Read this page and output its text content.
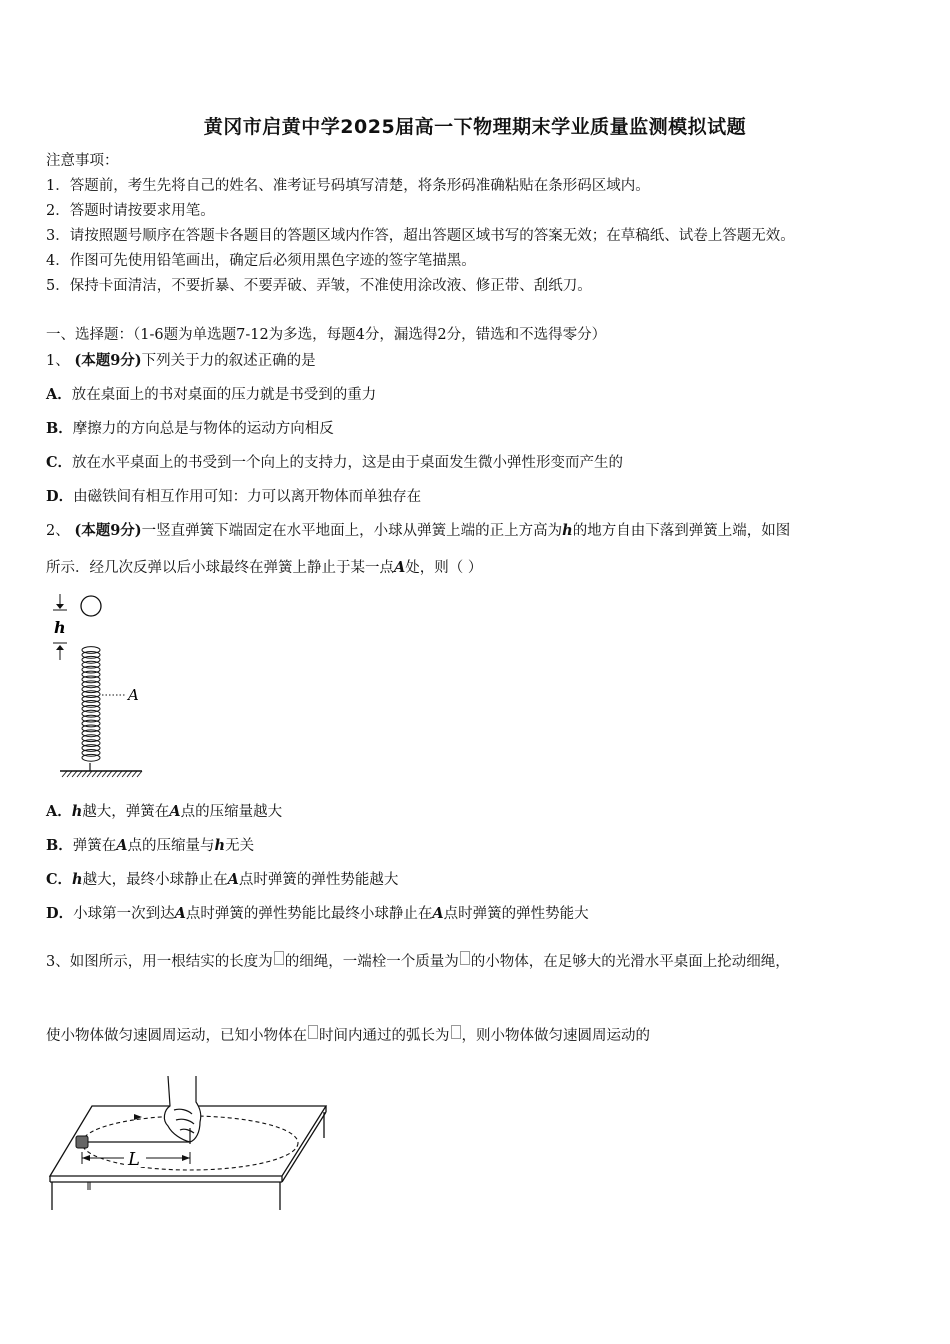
黄冈市启黄中学2025届高一下物理期末学业质量监测模拟试题
注意事项：
1．答题前，考生先将自己的姓名、准考证号码填写清楚，将条形码准确粘贴在条形码区域内。
2．答题时请按要求用笔。
3．请按照题号顺序在答题卡各题目的答题区域内作答，超出答题区域书写的答案无效；在草稿纸、试卷上答题无效。
4．作图可先使用铅笔画出，确定后必须用黑色字迹的签字笔描黑。
5．保持卡面清洁，不要折暴、不要弄破、弄皱，不准使用涂改液、修正带、刮纸刀。
一、选择题：（1-6题为单选题7-12为多选，每题4分，漏选得2分，错选和不选得零分）
1、 (本题9分)下列关于力的叙述正确的是
A．放在桌面上的书对桌面的压力就是书受到的重力
B．摩擦力的方向总是与物体的运动方向相反
C．放在水平桌面上的书受到一个向上的支持力，这是由于桌面发生微小弹性形变而产生的
D．由磁铁间有相互作用可知：力可以离开物体而单独存在
2、 (本题9分)一竖直弹簧下端固定在水平地面上，小球从弹簧上端的正上方高为h的地方自由下落到弹簧上端，如图
所示．经几次反弹以后小球最终在弹簧上静止于某一点A处，则（ ）
h
A
A．h越大，弹簧在A点的压缩量越大
B．弹簧在A点的压缩量与h无关
C．h越大，最终小球静止在A点时弹簧的弹性势能越大
D．小球第一次到达A点时弹簧的弹性势能比最终小球静止在A点时弹簧的弹性势能大
3、如图所示，用一根结实的长度为 的细绳，一端栓一个质量为 的小物体，在足够大的光滑水平桌面上抡动细绳，
使小物体做匀速圆周运动，已知小物体在 时间内通过的弧长为 ，则小物体做匀速圆周运动的
L
